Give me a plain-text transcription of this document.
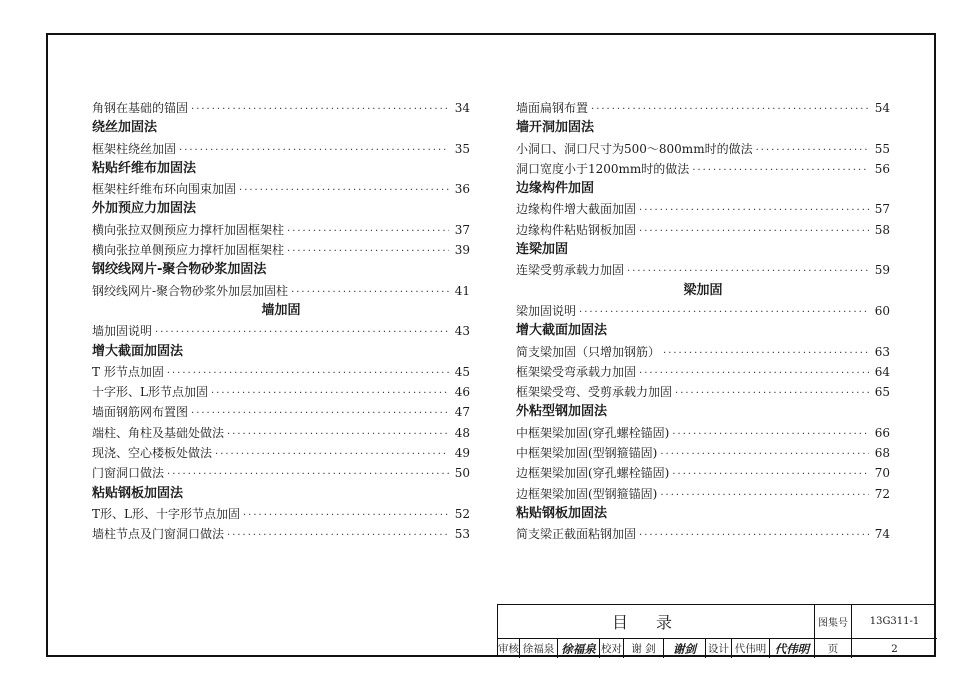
角钢在基础的锚固 ·····	34
绕丝加固法
框架柱绕丝加固 ·····	35
粘贴纤维布加固法
框架柱纤维布环向围束加固 ·····	36
外加预应力加固法
横向张拉双侧预应力撑杆加固框架柱 ·····	37
横向张拉单侧预应力撑杆加固框架柱 ·····	39
钢绞线网片-聚合物砂浆加固法
钢绞线网片-聚合物砂浆外加层加固柱 ·····	41
墙加固
墙加固说明 ·····	43
增大截面加固法
T 形节点加固 ·····	45
十字形、L形节点加固 ·····	46
墙面钢筋网布置图 ·····	47
端柱、角柱及基础处做法 ·····	48
现浇、空心楼板处做法 ·····	49
门窗洞口做法 ·····	50
粘贴钢板加固法
T形、L形、十字形节点加固 ·····	52
墙柱节点及门窗洞口做法 ·····	53
墙面扁钢布置 ·····	54
墙开洞加固法
小洞口、洞口尺寸为500～800mm时的做法 ·····	55
洞口宽度小于1200mm时的做法 ·····	56
边缘构件加固
边缘构件增大截面加固 ·····	57
边缘构件粘贴钢板加固 ·····	58
连梁加固
连梁受剪承载力加固 ·····	59
梁加固
梁加固说明 ·····	60
增大截面加固法
简支梁加固（只增加钢筋） ·····	63
框架梁受弯承载力加固 ·····	64
框架梁受弯、受剪承载力加固 ·····	65
外粘型钢加固法
中框架梁加固(穿孔螺栓锚固) ·····	66
中框架梁加固(型钢箍锚固) ·····	68
边框架梁加固(穿孔螺栓锚固) ·····	70
边框架梁加固(型钢箍锚固) ·····	72
粘贴钢板加固法
简支梁正截面粘钢加固 ·····	74
目录	图集号	13G311-1
审核 徐福泉 徐福泉 校对 谢 剑	谢剑	设计 代伟明 代伟明	页	2
